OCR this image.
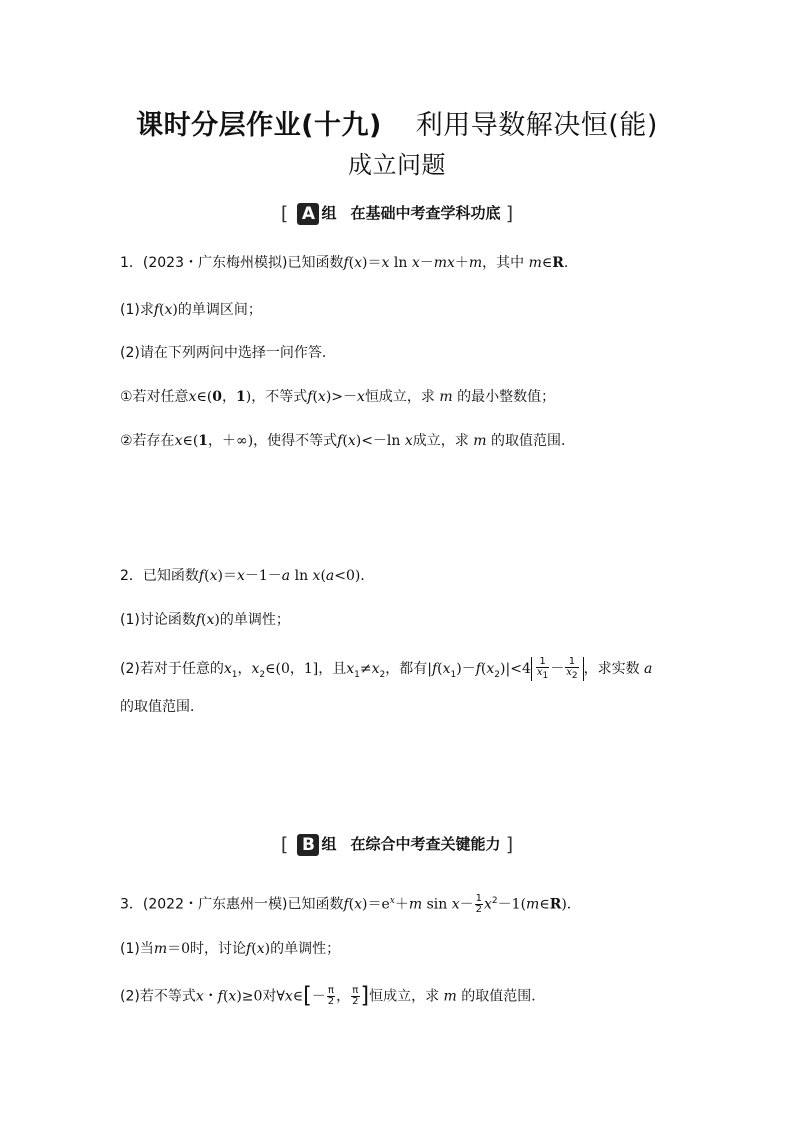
课时分层作业(十九) 利用导数解决恒(能)
成立问题
[ A 组 在基础中考查学科功底 ]
1．(2023・广东梅州模拟)已知函数f(x)＝x ln x－mx＋m，其中 m∈R.
(1)求f(x)的单调区间；
(2)请在下列两问中选择一问作答．
①若对任意x∈(0，1)，不等式f(x)>－x恒成立，求 m 的最小整数值；
②若存在x∈(1，＋∞)，使得不等式f(x)<－ln x成立，求 m 的取值范围．
2．已知函数f(x)＝x－1－a ln x(a<0)．
(1)讨论函数f(x)的单调性；
(2)若对于任意的$x_1$，$x_2\in(0$，1]，且$x_1\ne x_2$，都有$|f(x_1)-f(x_2)|<4 \frac{1}{x_1} - \frac{1}{x_2}$ ，求实数 a
的取值范围．
[ B 组 在综合中考查关键能力 ]
3．(2022・广东惠州一模)已知函数$f(x)=e^x+m$ $\sin x- \frac{1}{2}$ $x^2-1(m\in R)$．
(1)当m＝0时，讨论f(x)的单调性；
(2)若不等式x・f(x)≥0对∀x∈[－ $\frac{\pi}{2}$ ， $\frac{\pi}{2}$ ]恒成立，求 m 的取值范围．
